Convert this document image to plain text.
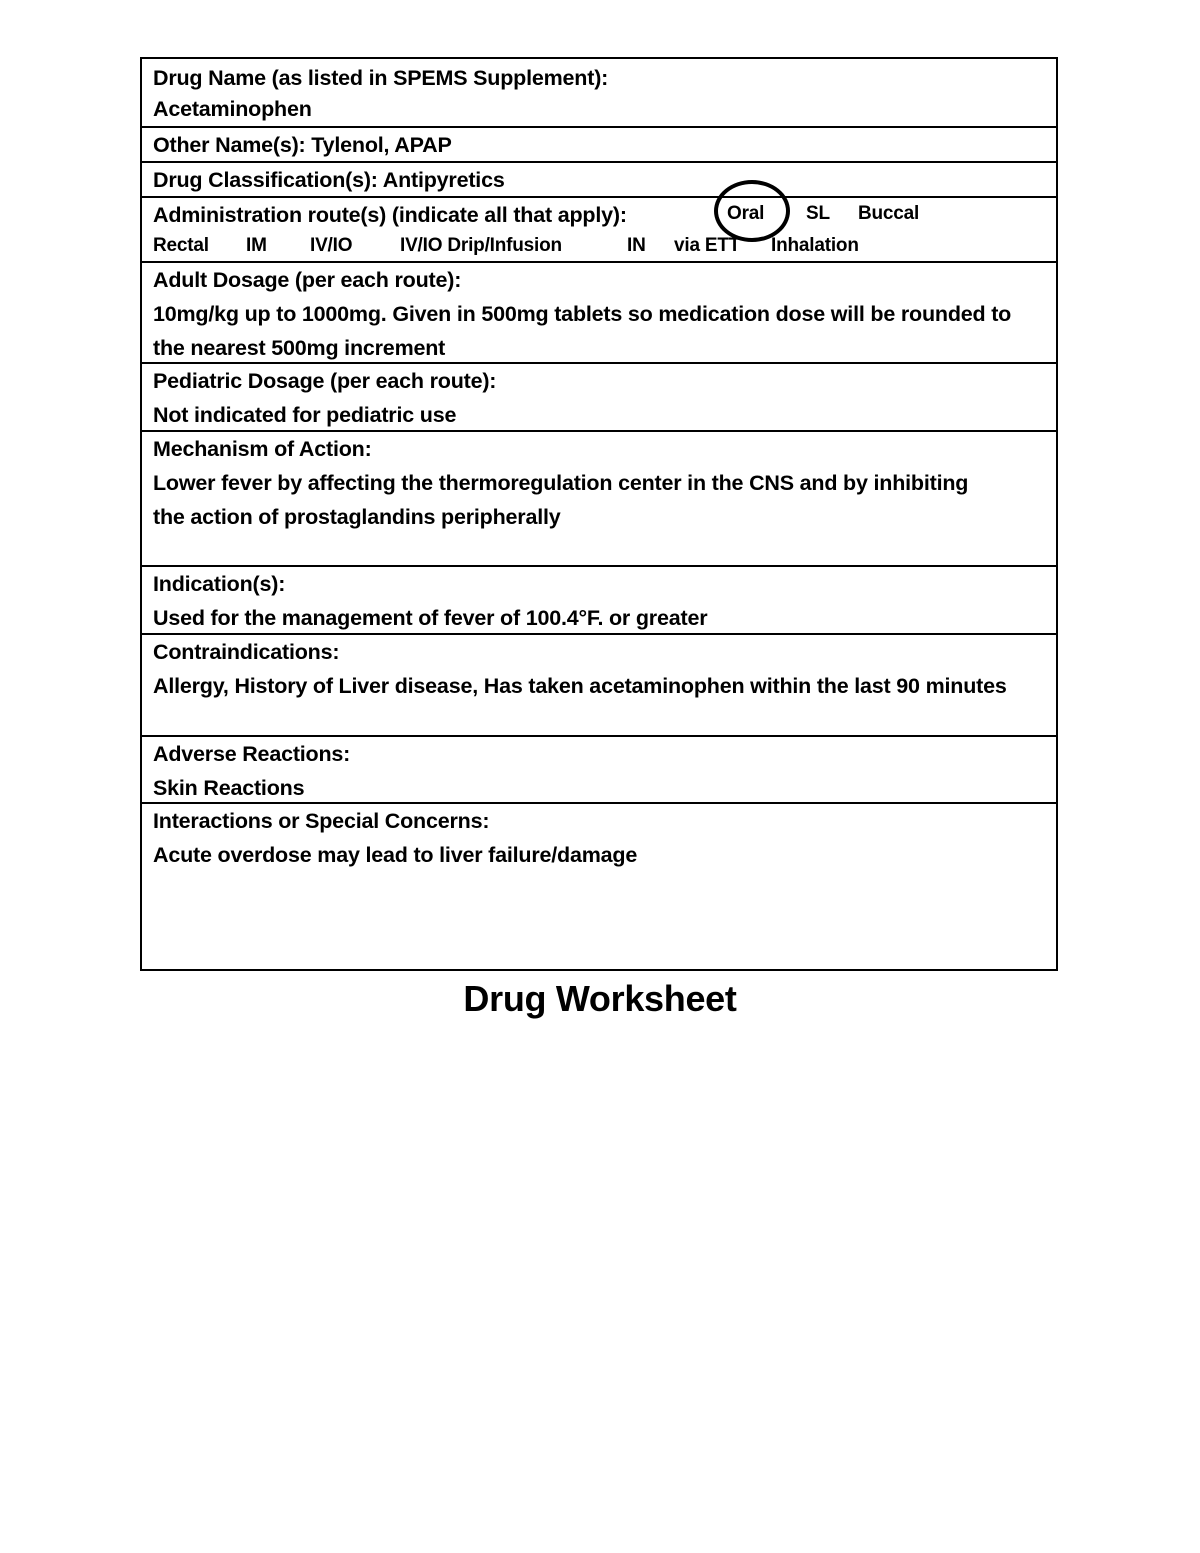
Drug Name (as listed in SPEMS Supplement):
Acetaminophen
Other Name(s): Tylenol, APAP
Drug Classification(s): Antipyretics
Administration route(s) (indicate all that apply):	Oral SL Buccal
Rectal IM IV/IO	IV/IO Drip/Infusion	IN via ETT Inhalation
Adult Dosage (per each route):
10mg/kg up to 1000mg. Given in 500mg tablets so medication dose will be rounded to the nearest 500mg increment
Pediatric Dosage (per each route):
Not indicated for pediatric use
Mechanism of Action:
Lower fever by affecting the thermoregulation center in the CNS and by inhibiting the action of prostaglandins peripherally
Indication(s):
Used for the management of fever of 100.4°F. or greater
Contraindications:
Allergy, History of Liver disease, Has taken acetaminophen within the last 90 minutes
Adverse Reactions:
Skin Reactions
Interactions or Special Concerns:
Acute overdose may lead to liver failure/damage
Drug Worksheet
